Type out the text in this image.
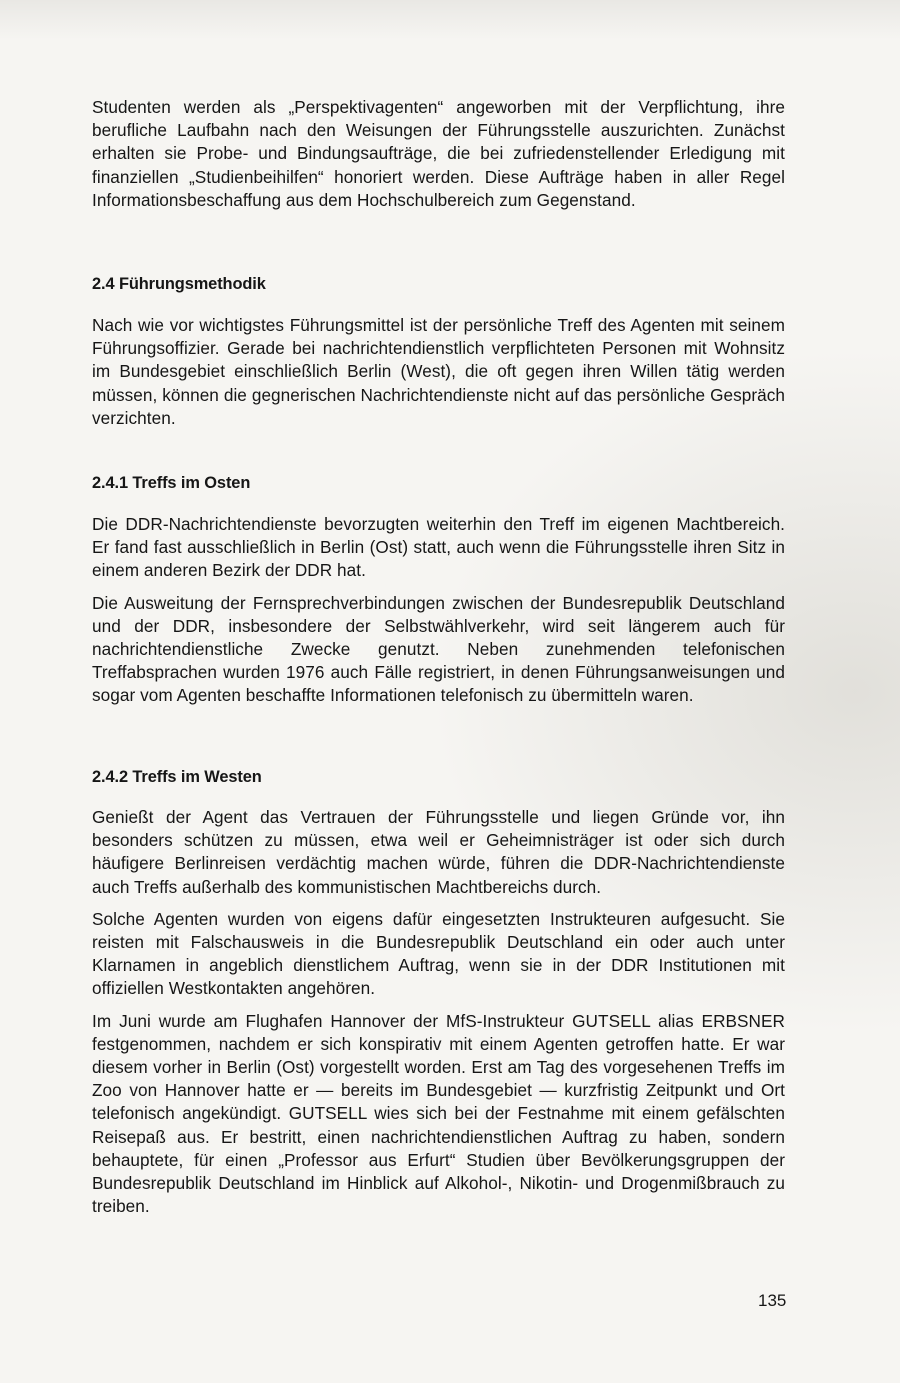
Studenten werden als „Perspektivagenten“ angeworben mit der Verpflichtung, ihre berufliche Laufbahn nach den Weisungen der Führungsstelle auszurichten. Zunächst erhalten sie Probe- und Bindungsaufträge, die bei zufriedenstellender Erledigung mit finanziellen „Studienbeihilfen“ honoriert werden. Diese Aufträge haben in aller Regel Informationsbeschaffung aus dem Hochschulbereich zum Gegenstand.

2.4 Führungsmethodik

Nach wie vor wichtigstes Führungsmittel ist der persönliche Treff des Agenten mit seinem Führungsoffizier. Gerade bei nachrichtendienstlich verpflichteten Personen mit Wohnsitz im Bundesgebiet einschließlich Berlin (West), die oft gegen ihren Willen tätig werden müssen, können die gegnerischen Nachrichtendienste nicht auf das persönliche Gespräch verzichten.

2.4.1 Treffs im Osten

Die DDR-Nachrichtendienste bevorzugten weiterhin den Treff im eigenen Machtbereich. Er fand fast ausschließlich in Berlin (Ost) statt, auch wenn die Führungsstelle ihren Sitz in einem anderen Bezirk der DDR hat.

Die Ausweitung der Fernsprechverbindungen zwischen der Bundesrepublik Deutschland und der DDR, insbesondere der Selbstwählverkehr, wird seit längerem auch für nachrichtendienstliche Zwecke genutzt. Neben zunehmenden telefonischen Treffabsprachen wurden 1976 auch Fälle registriert, in denen Führungsanweisungen und sogar vom Agenten beschaffte Informationen telefonisch zu übermitteln waren.

2.4.2 Treffs im Westen

Genießt der Agent das Vertrauen der Führungsstelle und liegen Gründe vor, ihn besonders schützen zu müssen, etwa weil er Geheimnisträger ist oder sich durch häufigere Berlinreisen verdächtig machen würde, führen die DDR-Nachrichtendienste auch Treffs außerhalb des kommunistischen Machtbereichs durch.

Solche Agenten wurden von eigens dafür eingesetzten Instrukteuren aufgesucht. Sie reisten mit Falschausweis in die Bundesrepublik Deutschland ein oder auch unter Klarnamen in angeblich dienstlichem Auftrag, wenn sie in der DDR Institutionen mit offiziellen Westkontakten angehören.

Im Juni wurde am Flughafen Hannover der MfS-Instrukteur GUTSELL alias ERBSNER festgenommen, nachdem er sich konspirativ mit einem Agenten getroffen hatte. Er war diesem vorher in Berlin (Ost) vorgestellt worden. Erst am Tag des vorgesehenen Treffs im Zoo von Hannover hatte er — bereits im Bundesgebiet — kurzfristig Zeitpunkt und Ort telefonisch angekündigt. GUTSELL wies sich bei der Festnahme mit einem gefälschten Reisepaß aus. Er bestritt, einen nachrichtendienstlichen Auftrag zu haben, sondern behauptete, für einen „Professor aus Erfurt“ Studien über Bevölkerungsgruppen der Bundesrepublik Deutschland im Hinblick auf Alkohol-, Nikotin- und Drogenmißbrauch zu treiben.

135
